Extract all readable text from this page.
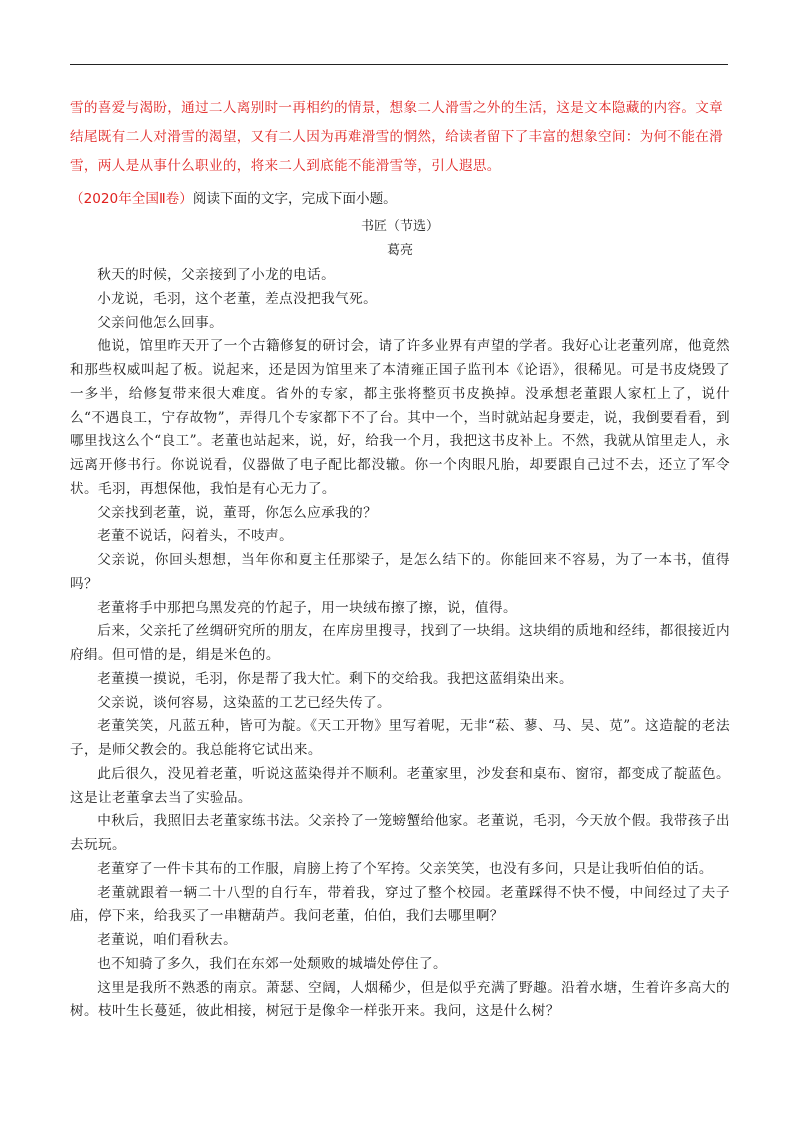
雪的喜爱与渴盼，通过二人离别时一再相约的情景，想象二人滑雪之外的生活，这是文本隐藏的内容。文章结尾既有二人对滑雪的渴望，又有二人因为再难滑雪的惘然，给读者留下了丰富的想象空间：为何不能在滑雪，两人是从事什么职业的，将来二人到底能不能滑雪等，引人遐思。

（2020年全国Ⅱ卷）阅读下面的文字，完成下面小题。
书匠（节选）
葛亮

秋天的时候，父亲接到了小龙的电话。

小龙说，毛羽，这个老董，差点没把我气死。

父亲问他怎么回事。

他说，馆里昨天开了一个古籍修复的研讨会，请了许多业界有声望的学者。我好心让老董列席，他竟然和那些权威叫起了板。说起来，还是因为馆里来了本清雍正国子监刊本《论语》，很稀见。可是书皮烧毁了一多半，给修复带来很大难度。省外的专家，都主张将整页书皮换掉。没承想老董跟人家杠上了，说什么“不遇良工，宁存故物”，弄得几个专家都下不了台。其中一个，当时就站起身要走，说，我倒要看看，到哪里找这么个“良工”。老董也站起来，说，好，给我一个月，我把这书皮补上。不然，我就从馆里走人，永远离开修书行。你说说看，仪器做了电子配比都没辙。你一个肉眼凡胎，却要跟自己过不去，还立了军令状。毛羽，再想保他，我怕是有心无力了。

父亲找到老董，说，董哥，你怎么应承我的？

老董不说话，闷着头，不吱声。

父亲说，你回头想想，当年你和夏主任那梁子，是怎么结下的。你能回来不容易，为了一本书，值得吗？

老董将手中那把乌黑发亮的竹起子，用一块绒布擦了擦，说，值得。

后来，父亲托了丝绸研究所的朋友，在库房里搜寻，找到了一块绢。这块绢的质地和经纬，都很接近内府绢。但可惜的是，绢是米色的。

老董摸一摸说，毛羽，你是帮了我大忙。剩下的交给我。我把这蓝绢染出来。

父亲说，谈何容易，这染蓝的工艺已经失传了。

老董笑笑，凡蓝五种，皆可为靛。《天工开物》里写着呢，无非“菘、蓼、马、吴、苋”。这造靛的老法子，是师父教会的。我总能将它试出来。

此后很久，没见着老董，听说这蓝染得并不顺利。老董家里，沙发套和桌布、窗帘，都变成了靛蓝色。这是让老董拿去当了实验品。

中秋后，我照旧去老董家练书法。父亲拎了一笼螃蟹给他家。老董说，毛羽，今天放个假。我带孩子出去玩玩。

老董穿了一件卡其布的工作服，肩膀上挎了个军挎。父亲笑笑，也没有多问，只是让我听伯伯的话。

老董就跟着一辆二十八型的自行车，带着我，穿过了整个校园。老董踩得不快不慢，中间经过了夫子庙，停下来，给我买了一串糖葫芦。我问老董，伯伯，我们去哪里啊？

老董说，咱们看秋去。

也不知骑了多久，我们在东郊一处颓败的城墙处停住了。

这里是我所不熟悉的南京。萧瑟、空阔，人烟稀少，但是似乎充满了野趣。沿着水塘，生着许多高大的树。枝叶生长蔓延，彼此相接，树冠于是像伞一样张开来。我问，这是什么树？
